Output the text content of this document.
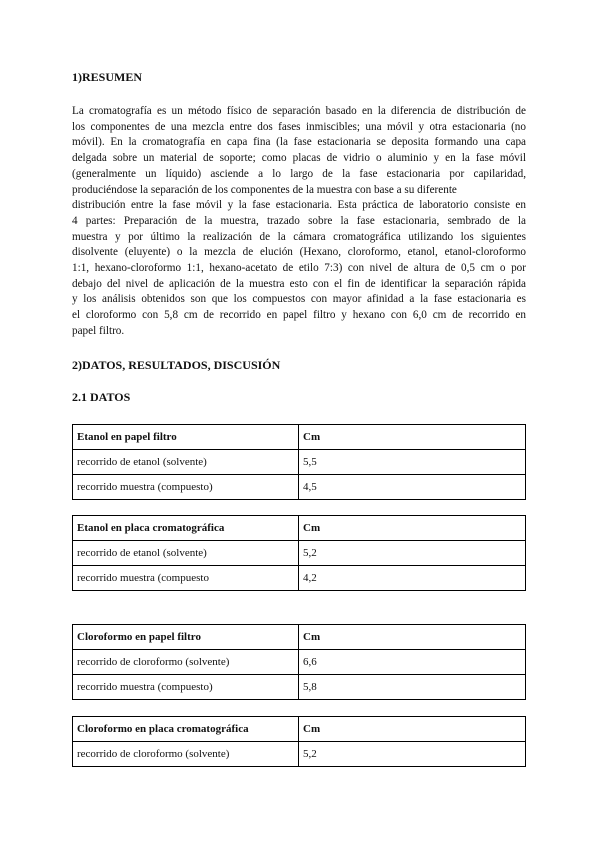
1)RESUMEN
La cromatografía es un método físico de separación basado en la diferencia de distribución de
los componentes de una mezcla entre dos fases inmiscibles; una móvil y otra estacionaria (no
móvil). En la cromatografía en capa fina (la fase estacionaria se deposita formando una capa
delgada sobre un material de soporte; como placas de vidrio o aluminio y en la fase móvil
(generalmente un líquido) asciende a lo largo de la fase estacionaria por capilaridad,
produciéndose la separación de los componentes de la muestra con base a su diferente
distribución entre la fase móvil y la fase estacionaria. Esta práctica de laboratorio consiste en
4 partes: Preparación de la muestra, trazado sobre la fase estacionaria, sembrado de la
muestra y por último la realización de la cámara cromatográfica utilizando los siguientes
disolvente (eluyente) o la mezcla de elución (Hexano, cloroformo, etanol, etanol-cloroformo
1:1, hexano-cloroformo 1:1, hexano-acetato de etilo 7:3) con nivel de altura de 0,5 cm o por
debajo del nivel de aplicación de la muestra esto con el fin de identificar la separación rápida
y los análisis obtenidos son que los compuestos con mayor afinidad a la fase estacionaria es
el cloroformo con 5,8 cm de recorrido en papel filtro y hexano con 6,0 cm de recorrido en
papel filtro.
2)DATOS, RESULTADOS, DISCUSIÓN
2.1 DATOS
Etanol en papel filtro	Cm
recorrido de etanol (solvente)	5,5
recorrido muestra (compuesto)	4,5
Etanol en placa cromatográfica	Cm
recorrido de etanol (solvente)	5,2
recorrido muestra (compuesto	4,2
Cloroformo en papel filtro	Cm
recorrido de cloroformo (solvente)	6,6
recorrido muestra (compuesto)	5,8
Cloroformo en placa cromatográfica	Cm
recorrido de cloroformo (solvente)	5,2
